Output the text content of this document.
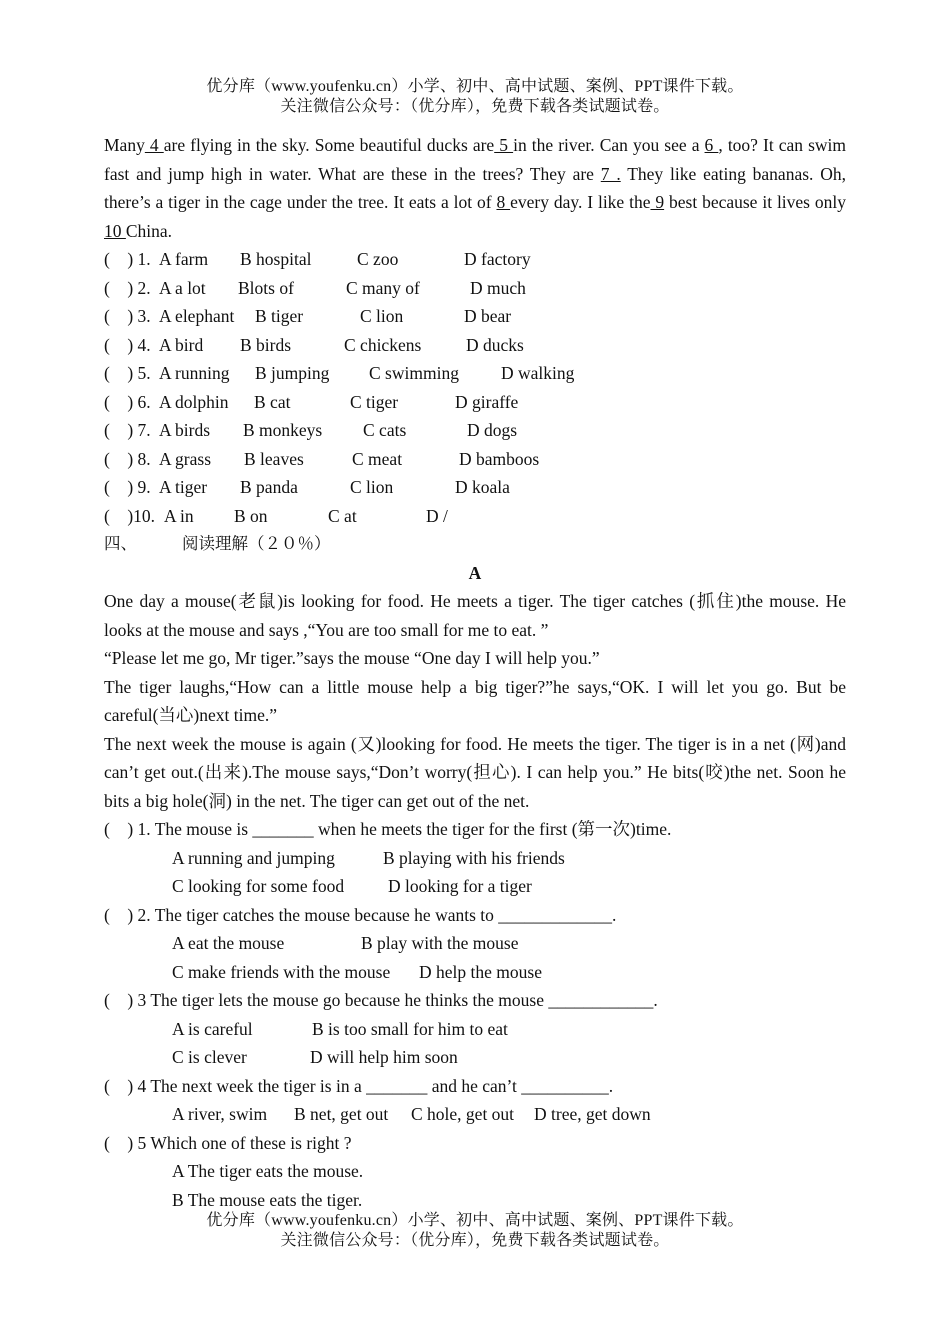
优分库（www.youfenku.cn）小学、初中、高中试题、案例、PPT课件下载。
关注微信公众号：（优分库），免费下载各类试题试卷。

Many 4 are flying in the sky. Some beautiful ducks are 5 in the river. Can you see a 6 , too? It can swim fast and jump high in water. What are these in the trees? They are 7 . They like eating bananas. Oh, there’s a tiger in the cage under the tree. It eats a lot of 8 every day. I like the 9 best because it lives only 10 China.

(    ) 1. A farm B hospital	C zoo	D factory
(    ) 2. A a lot Blots of	C many of	D much
(    ) 3. A elephant B tiger	C lion	D bear
(    ) 4. A bird B birds	C chickens	D ducks
(    ) 5. A running B jumping C swimming D walking
(    ) 6. A dolphin B cat	C tiger	D giraffe
(    ) 7. A birds B monkeys C cats	D dogs
(    ) 8. A grass B leaves	C meat	D bamboos
(    ) 9. A tiger B panda	C lion	D koala
(    )10. A in B on	C at	D /
四、	阅读理解（２０％）
A

One day a mouse(老鼠)is looking for food. He meets a tiger. The tiger catches (抓住)the mouse. He looks at the mouse and says ,“You are too small for me to eat. ”

“Please let me go, Mr tiger.”says the mouse “One day I will help you.”

The tiger laughs,“How can a little mouse help a big tiger?”he says,“OK. I will let you go. But be careful(当心)next time.”

The next week the mouse is again (又)looking for food. He meets the tiger. The tiger is in a net (网)and can’t get out.(出来).The mouse says,“Don’t worry(担心). I can help you.” He bits(咬)the net. Soon he bits a big hole(洞) in the net. The tiger can get out of the net.

(    ) 1. The mouse is _______ when he meets the tiger for the first (第一次)time.
A running and jumping	B playing with his friends
C looking for some food	D looking for a tiger
(    ) 2. The tiger catches the mouse because he wants to _____________.
A eat the mouse	B play with the mouse
C make friends with the mouse D help the mouse
(    ) 3 The tiger lets the mouse go because he thinks the mouse ____________.
A is careful	B is too small for him to eat
C is clever	D will help him soon
(    ) 4 The next week the tiger is in a _______ and he can’t __________.
A river, swim B net, get out C hole, get out D tree, get down
(    ) 5 Which one of these is right ?
A The tiger eats the mouse.
B The mouse eats the tiger.
优分库（www.youfenku.cn）小学、初中、高中试题、案例、PPT课件下载。
关注微信公众号：（优分库），免费下载各类试题试卷。
